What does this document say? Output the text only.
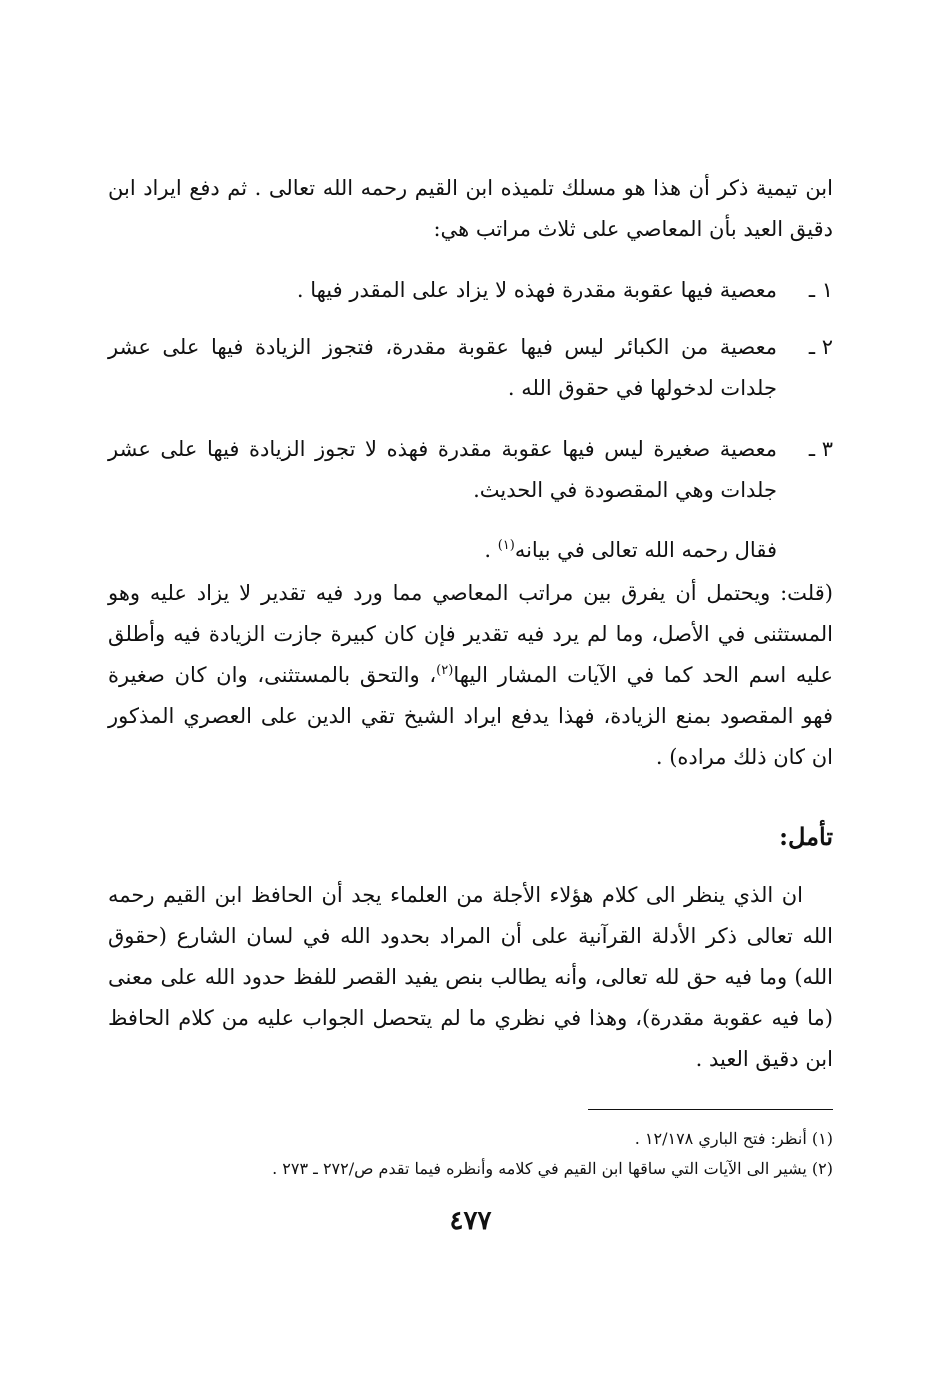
ابن تيمية ذكر أن هذا هو مسلك تلميذه ابن القيم رحمه الله تعالى . ثم دفع ايراد ابن دقيق العيد بأن المعاصي على ثلاث مراتب هي:
١ ـ
معصية فيها عقوبة مقدرة فهذه لا يزاد على المقدر فيها .
٢ ـ
معصية من الكبائر ليس فيها عقوبة مقدرة، فتجوز الزيادة فيها على عشر جلدات لدخولها في حقوق الله .
٣ ـ
معصية صغيرة ليس فيها عقوبة مقدرة فهذه لا تجوز الزيادة فيها على عشر جلدات وهي المقصودة في الحديث.
فقال رحمه الله تعالى في بيانه$^{(١)}$ .
(قلت: ويحتمل أن يفرق بين مراتب المعاصي مما ورد فيه تقدير لا يزاد عليه وهو المستثنى في الأصل، وما لم يرد فيه تقدير فإن كان كبيرة جازت الزيادة فيه وأطلق عليه اسم الحد كما في الآيات المشار اليها$^{(٢)}$، والتحق بالمستثنى، وان كان صغيرة فهو المقصود بمنع الزيادة، فهذا يدفع ايراد الشيخ تقي الدين على العصري المذكور ان كان ذلك مراده) .
تأمل:
ان الذي ينظر الى كلام هؤلاء الأجلة من العلماء يجد أن الحافظ ابن القيم رحمه الله تعالى ذكر الأدلة القرآنية على أن المراد بحدود الله في لسان الشارع (حقوق الله) وما فيه حق لله تعالى، وأنه يطالب بنص يفيد القصر للفظ حدود الله على معنى (ما فيه عقوبة مقدرة)، وهذا في نظري ما لم يتحصل الجواب عليه من كلام الحافظ ابن دقيق العيد .
(١) أنظر: فتح الباري ١٢/١٧٨ .
(٢) يشير الى الآيات التي ساقها ابن القيم في كلامه وأنظره فيما تقدم ص/٢٧٢ ـ ٢٧٣ .
٤٧٧
